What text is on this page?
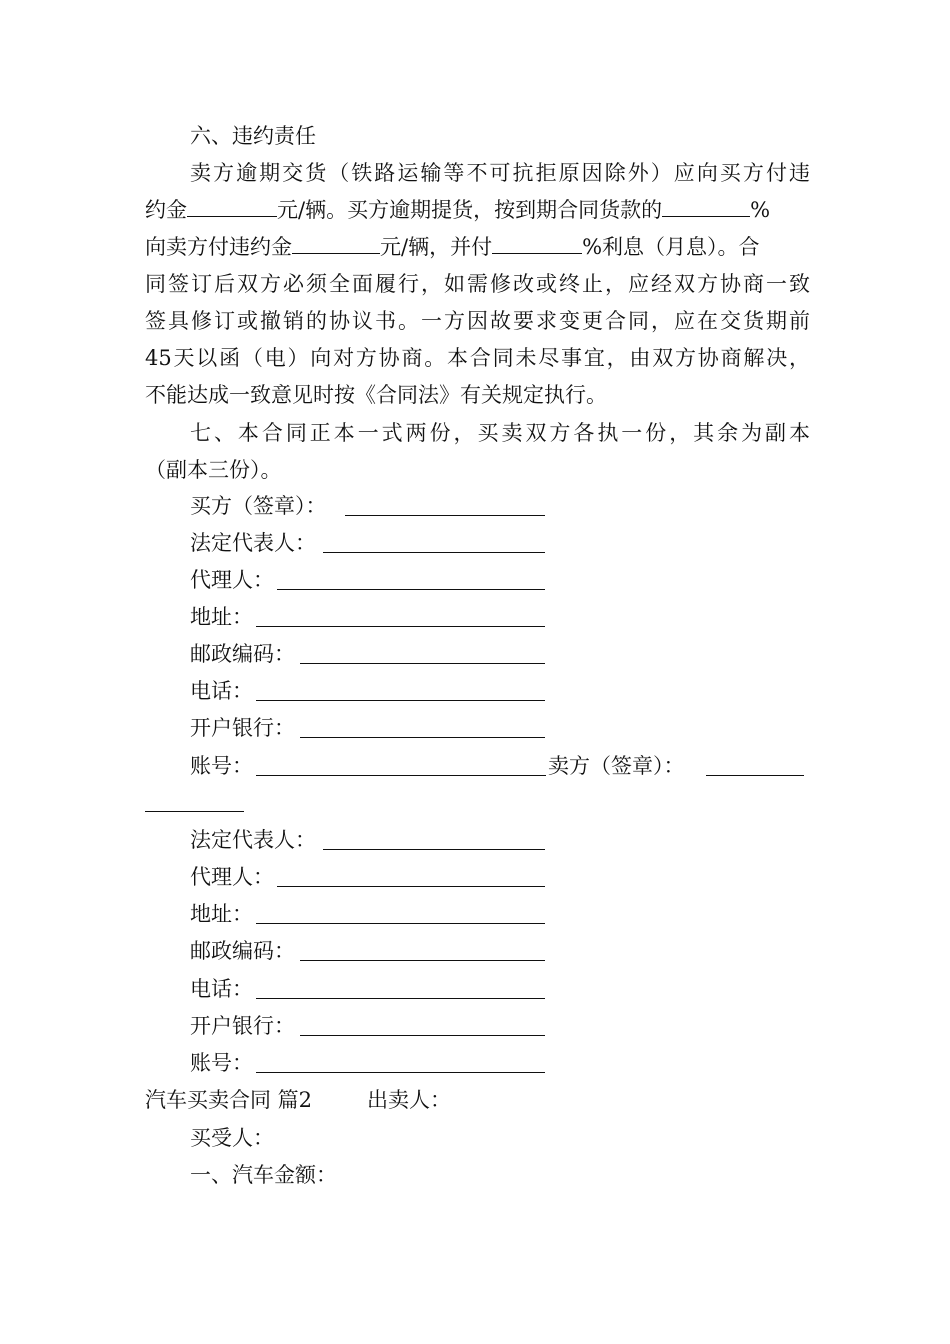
六、违约责任
卖方逾期交货（铁路运输等不可抗拒原因除外）应向买方付违
约金	元/辆。买方逾期提货，按到期合同货款的	%
向卖方付违约金	元/辆，并付	%利息（月息）。合
同签订后双方必须全面履行，如需修改或终止，应经双方协商一致
签具修订或撤销的协议书。一方因故要求变更合同，应在交货期前
45天以函（电）向对方协商。本合同未尽事宜，由双方协商解决，
不能达成一致意见时按《合同法》有关规定执行。
七、本合同正本一式两份，买卖双方各执一份，其余为副本
（副本三份）。
买方（签章）：
法定代表人：
代理人：
地址：
邮政编码：
电话：
开户银行：
账号：	卖方（签章）：
法定代表人：
代理人：
地址：
邮政编码：
电话：
开户银行：
账号：
汽车买卖合同 篇2	出卖人：
买受人：
一、汽车金额：
